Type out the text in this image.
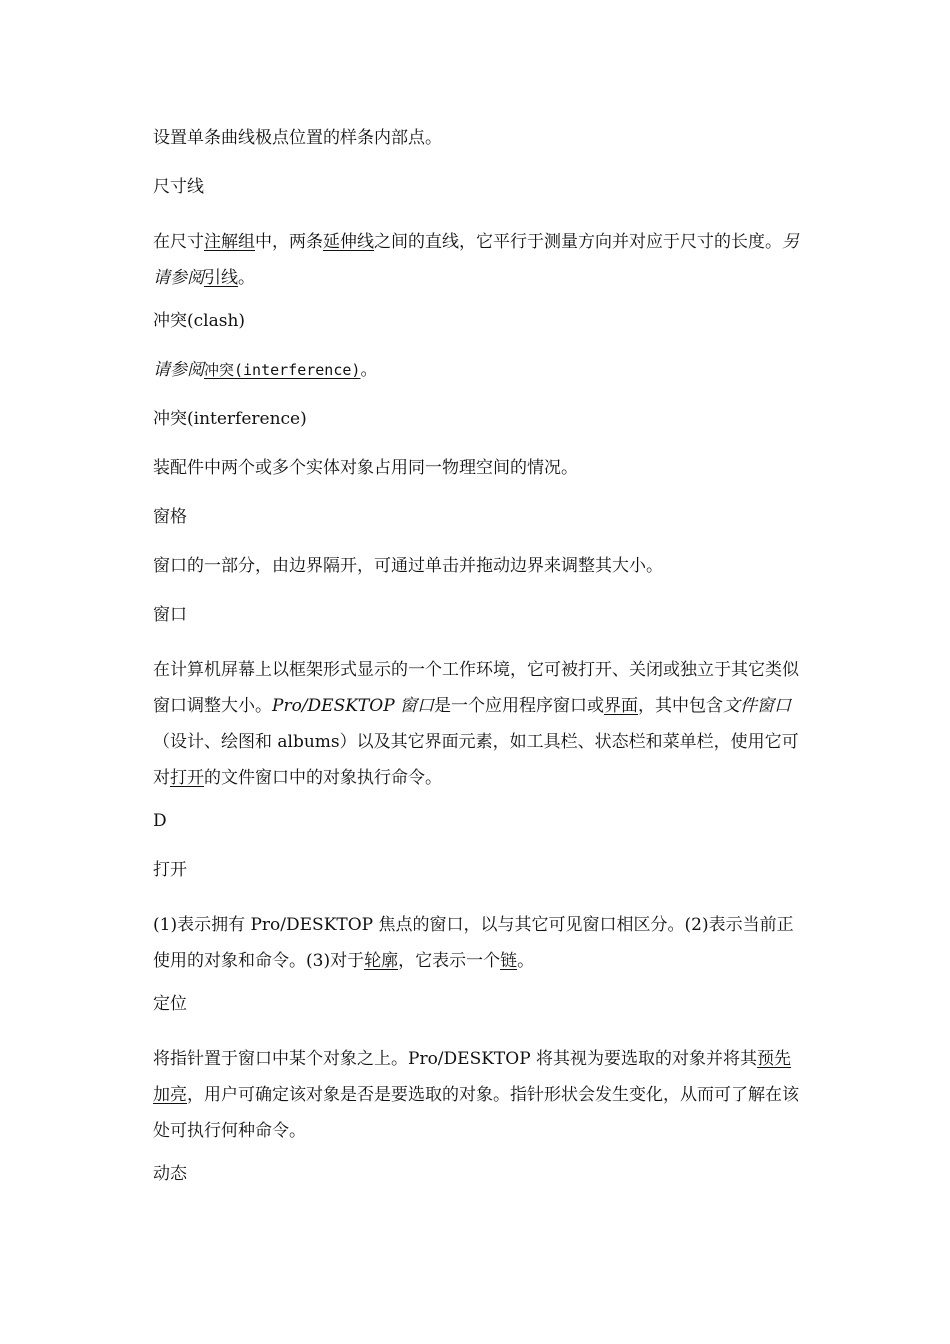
设置单条曲线极点位置的样条内部点。
尺寸线
在尺寸注解组中，两条延伸线之间的直线，它平行于测量方向并对应于尺寸的长度。另请参阅引线。
冲突(clash)
请参阅冲突(interference)。
冲突(interference)
装配件中两个或多个实体对象占用同一物理空间的情况。
窗格
窗口的一部分，由边界隔开，可通过单击并拖动边界来调整其大小。
窗口
在计算机屏幕上以框架形式显示的一个工作环境，它可被打开、关闭或独立于其它类似窗口调整大小。Pro/DESKTOP 窗口是一个应用程序窗口或界面，其中包含文件窗口（设计、绘图和 albums）以及其它界面元素，如工具栏、状态栏和菜单栏，使用它可对打开的文件窗口中的对象执行命令。
D
打开
(1)表示拥有 Pro/DESKTOP 焦点的窗口，以与其它可见窗口相区分。(2)表示当前正使用的对象和命令。(3)对于轮廓，它表示一个链。
定位
将指针置于窗口中某个对象之上。Pro/DESKTOP 将其视为要选取的对象并将其预先加亮，用户可确定该对象是否是要选取的对象。指针形状会发生变化，从而可了解在该处可执行何种命令。
动态
